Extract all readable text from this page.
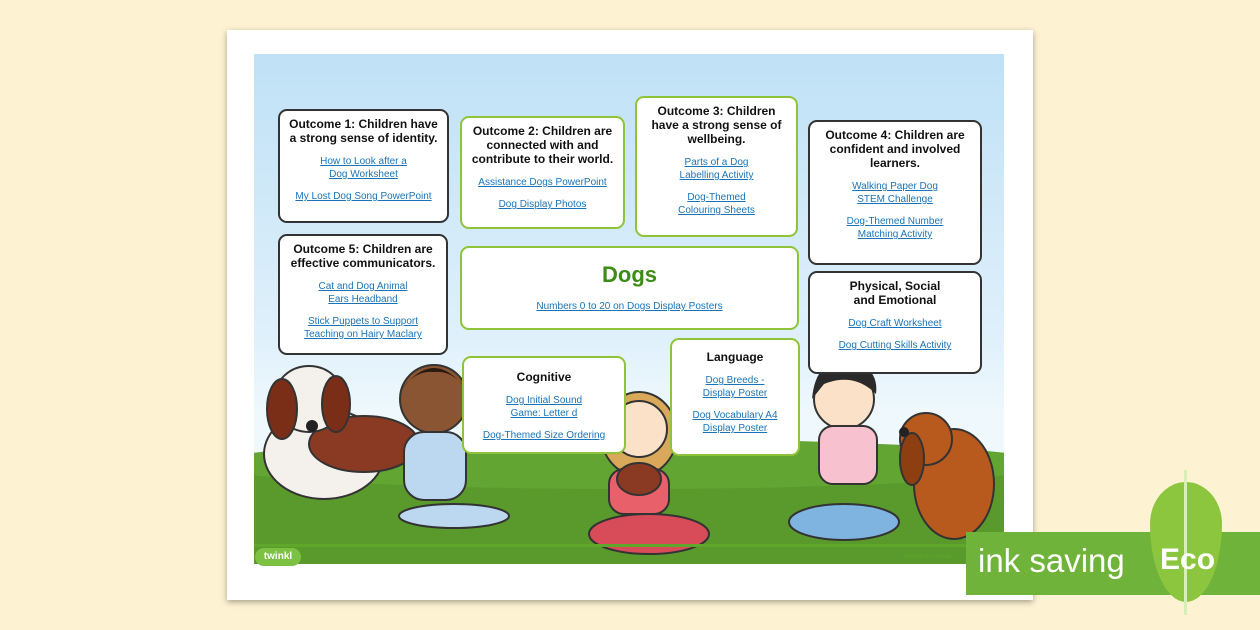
Outcome 1: Children have a strong sense of identity.
How to Look after a Dog Worksheet
My Lost Dog Song PowerPoint
Outcome 2: Children are connected with and contribute to their world.
Assistance Dogs PowerPoint
Dog Display Photos
Outcome 3: Children have a strong sense of wellbeing.
Parts of a Dog Labelling Activity
Dog-Themed Colouring Sheets
Outcome 4: Children are confident and involved learners.
Walking Paper Dog STEM Challenge
Dog-Themed Number Matching Activity
Outcome 5: Children are effective communicators.
Cat and Dog Animal Ears Headband
Stick Puppets to Support Teaching on Hairy Maclary
Dogs
Numbers 0 to 20 on Dogs Display Posters
Physical, Social and Emotional
Dog Craft Worksheet
Dog Cutting Skills Activity
Cognitive
Dog Initial Sound Game: Letter d
Dog-Themed Size Ordering
Language
Dog Breeds - Display Poster
Dog Vocabulary A4 Display Poster
twinkl	visit twinkl.com.au ink saving Eco
